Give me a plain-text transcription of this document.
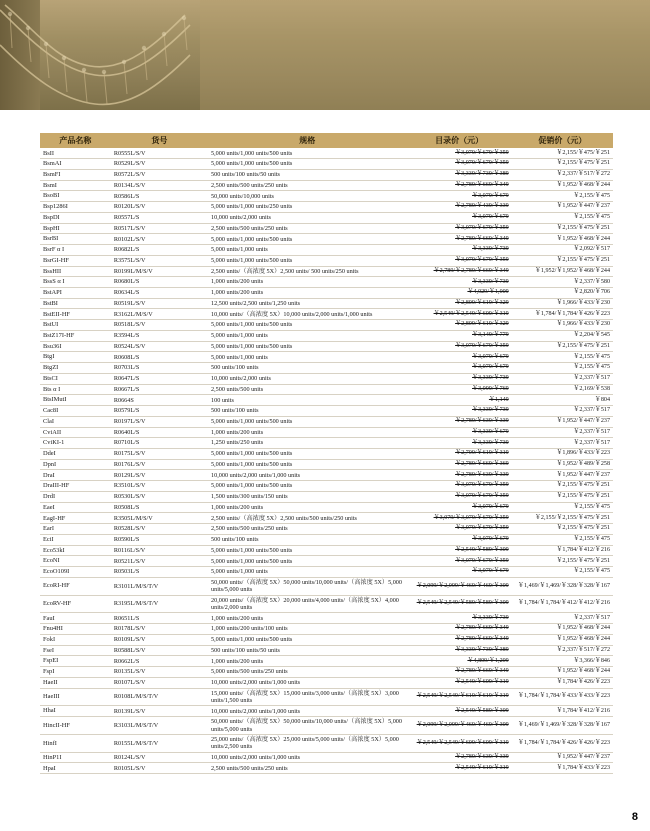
产品名称	货号	规格	目录价（元）	促销价（元）
BsII	R0555L/S/V	5,000 units/1,000 units/500 units	￥3,079/￥679/￥359	￥2,155/￥475/￥251
BsmAI	R0529L/S/V	5,000 units/1,000 units/500 units	￥3,079/￥679/￥359	￥2,155/￥475/￥251
BsmFI	R0572L/S/V	500 units/100 units/50 units	￥3,339/￥739/￥389	￥2,337/￥517/￥272
BsmI	R0134L/S/V	2,500 units/500 units/250 units	￥2,789/￥669/￥349	￥1,952/￥468/￥244
BsoBI	R0586L/S	50,000 units/10,000 units	￥3,079/￥679	￥2,155/￥475
Bsp1286I	R0120L/S/V	5,000 units/1,000 units/250 units	￥2,789/￥439/￥339	￥1,952/￥447/￥237
BspDI	R0557L/S	10,000 units/2,000 units	￥3,079/￥679	￥2,155/￥475
BspHI	R0517L/S/V	2,500 units/500 units/250 units	￥3,079/￥679/￥359	￥2,155/￥475/￥251
BsrBI	R0102L/S/V	5,000 units/1,000 units/500 units	￥2,789/￥669/￥349	￥1,952/￥468/￥244
BsrF α I	R0682L/S	5,000 units/1,000 units	￥3,339/￥739	￥2,092/￥517
BsrGI-HF	R3575L/S/V	5,000 units/1,000 units/500 units	￥3,079/￥679/￥359	￥2,155/￥475/￥251
BssHII	R0199L/M/S/V	2,500 units/（高浓度 5X）2,500 units/ 500 units/250 units	￥2,789/￥2,789/￥669/￥349	￥1,952/￥1,952/￥468/￥244
BssS α I	R0680L/S	1,000 units/200 units	￥3,339/￥739	￥2,337/￥580
BstAPI	R0634L/S	1,000 units/200 units	￥4,029/￥1,009	￥2,820/￥706
BstBI	R0519L/S/V	12,500 units/2,500 units/1,250 units	￥2,809/￥619/￥329	￥1,966/￥433/￥230
BstEII-HF	R3162L/M/S/V	10,000 units/（高浓度 5X）10,000 units/2,000 units/1,000 units	￥2,549/￥2,549/￥609/￥319	￥1,784/￥1,784/￥426/￥223
BstUI	R0518L/S/V	5,000 units/1,000 units/500 units	￥2,809/￥619/￥329	￥1,966/￥433/￥230
BstZ17I-HF	R3594L/S	5,000 units/1,000 units	￥3,149/￥779	￥2,204/￥545
Bsu36I	R0524L/S/V	5,000 units/1,000 units/500 units	￥3,079/￥679/￥359	￥2,155/￥475/￥251
BtgI	R0608L/S	5,000 units/1,000 units	￥3,079/￥679	￥2,155/￥475
BtgZI	R0703L/S	500 units/100 units	￥3,079/￥679	￥2,155/￥475
BtsCI	R0647L/S	10,000 units/2,000 units	￥3,339/￥739	￥2,337/￥517
Bts α I	R0667L/S	2,500 units/500 units	￥3,099/￥769	￥2,169/￥538
BtsIMutI	R0664S	100 units	￥1,149	￥804
Cac8I	R0579L/S	500 units/100 units	￥3,339/￥739	￥2,337/￥517
ClaI	R0197L/S/V	5,000 units/1,000 units/500 units	￥2,789/￥639/￥339	￥1,952/￥447/￥237
CviAII	R0640L/S	1,000 units/200 units	￥3,339/￥679	￥2,337/￥517
CviKI-1	R0710L/S	1,250 units/250 units	￥3,339/￥739	￥2,337/￥517
DdeI	R0175L/S/V	5,000 units/1,000 units/500 units	￥2,709/￥619/￥319	￥1,896/￥433/￥223
DpnI	R0176L/S/V	5,000 units/1,000 units/500 units	￥2,789/￥669/￥369	￥1,952/￥489/￥258
DraI	R0129L/S/V	10,000 units/2,000 units/1,000 units	￥2,789/￥639/￥339	￥1,952/￥447/￥237
DraIII-HF	R3510L/S/V	5,000 units/1,000 units/500 units	￥3,079/￥679/￥359	￥2,155/￥475/￥251
DrdI	R0530L/S/V	1,500 units/300 units/150 units	￥3,079/￥679/￥359	￥2,155/￥475/￥251
EaeI	R0508L/S	1,000 units/200 units	￥3,079/￥679	￥2,155/￥475
EagI-HF	R3505L/M/S/V	2,500 units/（高浓度 5X）2,500 units/500 units/250 units	￥3,079/￥3,079/￥679/￥359	￥2,155/￥2,155/￥475/￥251
EarI	R0528L/S/V	2,500 units/500 units/250 units	￥3,079/￥679/￥359	￥2,155/￥475/￥251
EciI	R0590L/S	500 units/100 units	￥3,079/￥679	￥2,155/￥475
Eco53kI	R0116L/S/V	5,000 units/1,000 units/500 units	￥2,549/￥589/￥309	￥1,784/￥412/￥216
EcoNI	R0521L/S/V	5,000 units/1,000 units/500 units	￥3,079/￥679/￥359	￥2,155/￥475/￥251
EcoO109I	R0503L/S	5,000 units/1,000 units	￥3,079/￥679	￥2,155/￥475
EcoRI-HF	R3101L/M/S/T/V	50,000 units/（高浓度 5X）50,000 units/10,000 units/（高浓度 5X）5,000 units/5,000 units	￥2,099/￥2,099/￥469/￥469/￥309	￥1,469/￥1,469/￥328/￥328/￥167
EcoRV-HF	R3195L/M/S/T/V	20,000 units/（高浓度 5X）20,000 units/4,000 units/（高浓度 5X）4,000 units/2,000 units	￥2,549/￥2,549/￥589/￥589/￥309	￥1,784/￥1,784/￥412/￥412/￥216
FauI	R0651L/S	1,000 units/200 units	￥3,339/￥739	￥2,337/￥517
Fnu4HI	R0178L/S/V	1,000 units/200 units/100 units	￥2,789/￥669/￥349	￥1,952/￥468/￥244
FokI	R0109L/S/V	5,000 units/1,000 units/500 units	￥2,789/￥669/￥349	￥1,952/￥468/￥244
FseI	R0588L/S/V	500 units/100 units/50 units	￥3,339/￥739/￥389	￥2,337/￥517/￥272
FspEI	R0662L/S	1,000 units/200 units	￥4,809/￥1,209	￥3,366/￥846
FspI	R0135L/S/V	5,000 units/500 units/250 units	￥2,789/￥669/￥349	￥1,952/￥468/￥244
HaeII	R0107L/S/V	10,000 units/2,000 units/1,000 units	￥2,549/￥609/￥319	￥1,784/￥426/￥223
HaeIII	R0108L/M/S/T/V	15,000 units/（高浓度 5X）15,000 units/3,000 units/（高浓度 5X）3,000 units/1,500 units	￥2,549/￥2,549/￥619/￥619/￥319	￥1,784/￥1,784/￥433/￥433/￥223
HhaI	R0139L/S/V	10,000 units/2,000 units/1,000 units	￥2,549/￥589/￥309	￥1,784/￥412/￥216
HincII-HF	R3103L/M/S/T/V	50,000 units/（高浓度 5X）50,000 units/10,000 units/（高浓度 5X）5,000 units/5,000 units	￥2,099/￥2,099/￥469/￥469/￥309	￥1,469/￥1,469/￥328/￥328/￥167
HinfI	R0155L/M/S/T/V	25,000 units/（高浓度 5X）25,000 units/5,000 units/（高浓度 5X）5,000 units/2,500 units	￥2,549/￥2,549/￥609/￥609/￥319	￥1,784/￥1,784/￥426/￥426/￥223
HinP1I	R0124L/S/V	10,000 units/2,000 units/1,000 units	￥2,789/￥639/￥339	￥1,952/￥447/￥237
HpaI	R0105L/S/V	2,500 units/500 units/250 units	￥2,549/￥619/￥319	￥1,784/￥433/￥223
8
